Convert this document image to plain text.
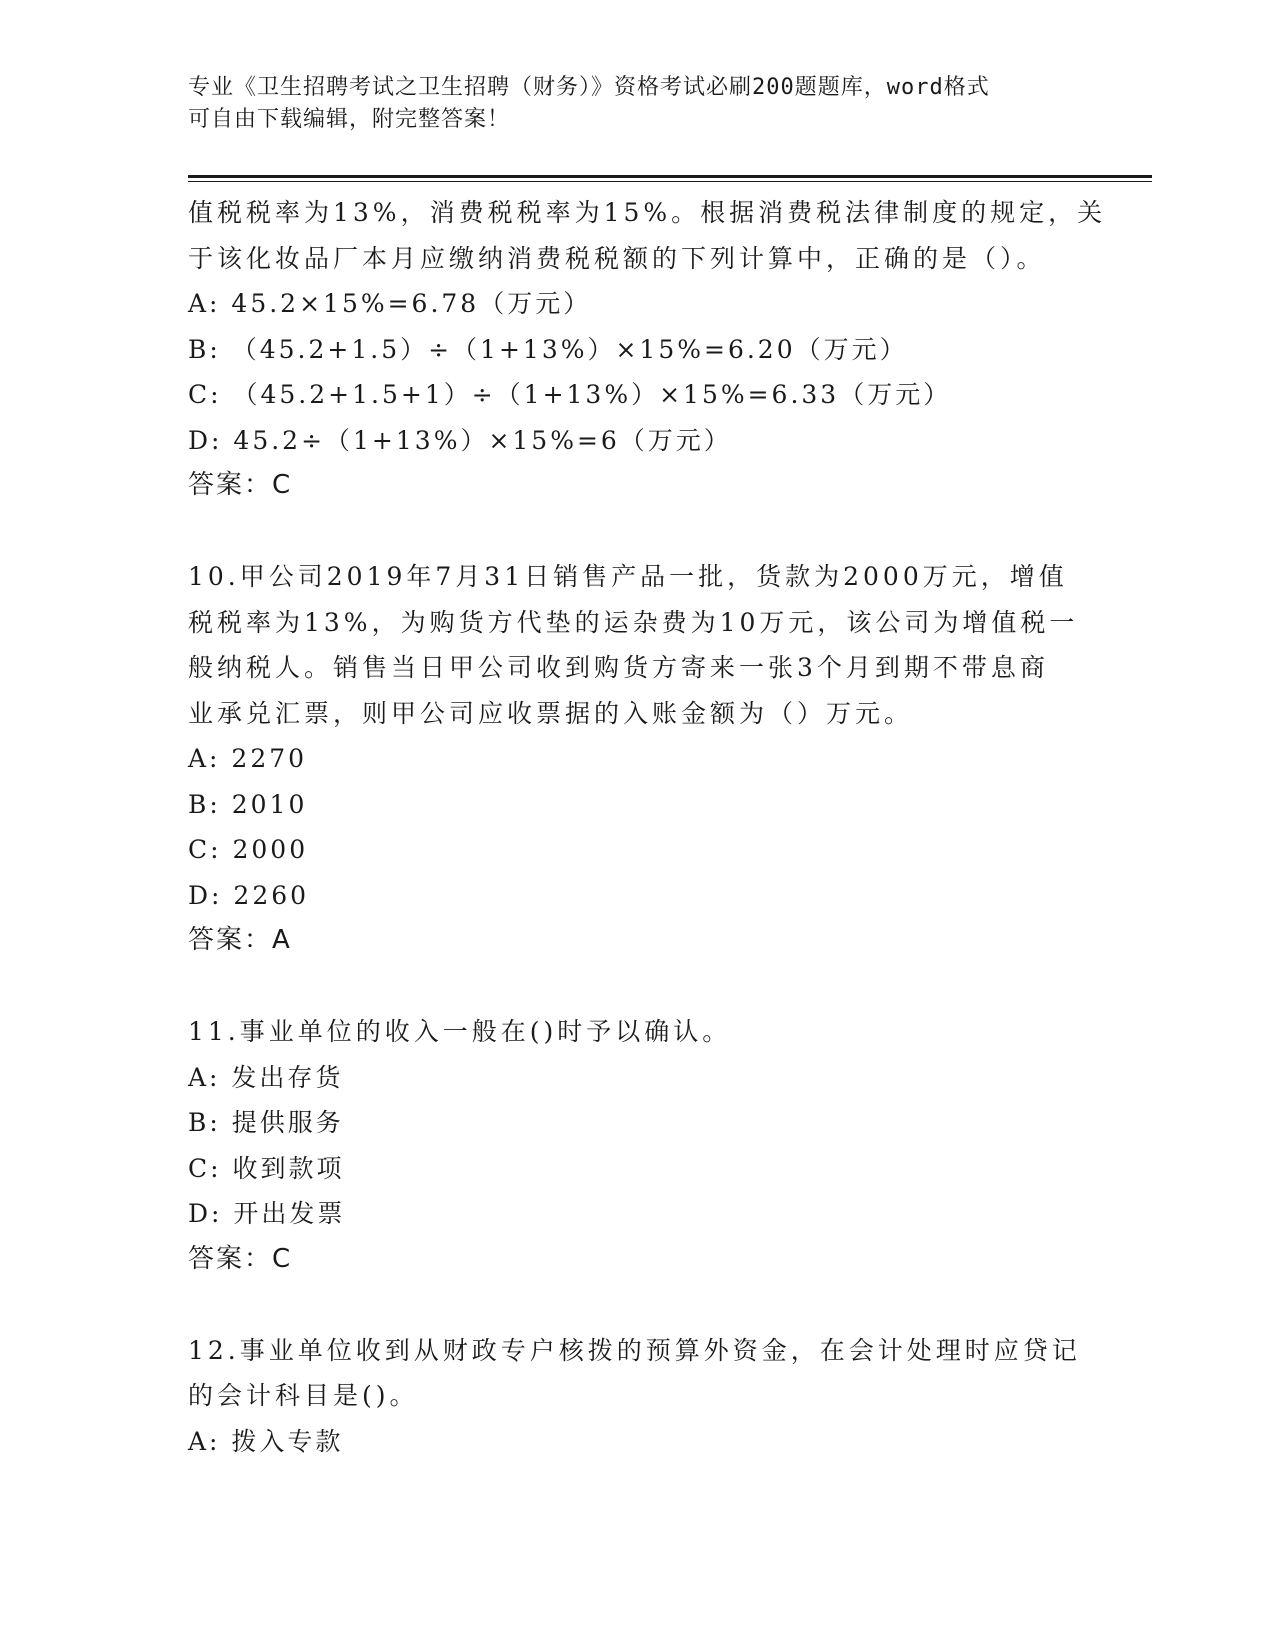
专业《卫生招聘考试之卫生招聘（财务）》资格考试必刷200题题库，word格式
可自由下载编辑，附完整答案！
值税税率为13%，消费税税率为15%。根据消费税法律制度的规定，关
于该化妆品厂本月应缴纳消费税税额的下列计算中，正确的是（）。
A: 45.2×15%=6.78（万元）
B: （45.2+1.5）÷（1+13%）×15%=6.20（万元）
C: （45.2+1.5+1）÷（1+13%）×15%=6.33（万元）
D: 45.2÷（1+13%）×15%=6（万元）
答案：C
10.甲公司2019年7月31日销售产品一批，货款为2000万元，增值
税税率为13%，为购货方代垫的运杂费为10万元，该公司为增值税一
般纳税人。销售当日甲公司收到购货方寄来一张3个月到期不带息商
业承兑汇票，则甲公司应收票据的入账金额为（）万元。
A: 2270
B: 2010
C: 2000
D: 2260
答案：A
11.事业单位的收入一般在()时予以确认。
A: 发出存货
B: 提供服务
C: 收到款项
D: 开出发票
答案：C
12.事业单位收到从财政专户核拨的预算外资金，在会计处理时应贷记
的会计科目是()。
A: 拨入专款
